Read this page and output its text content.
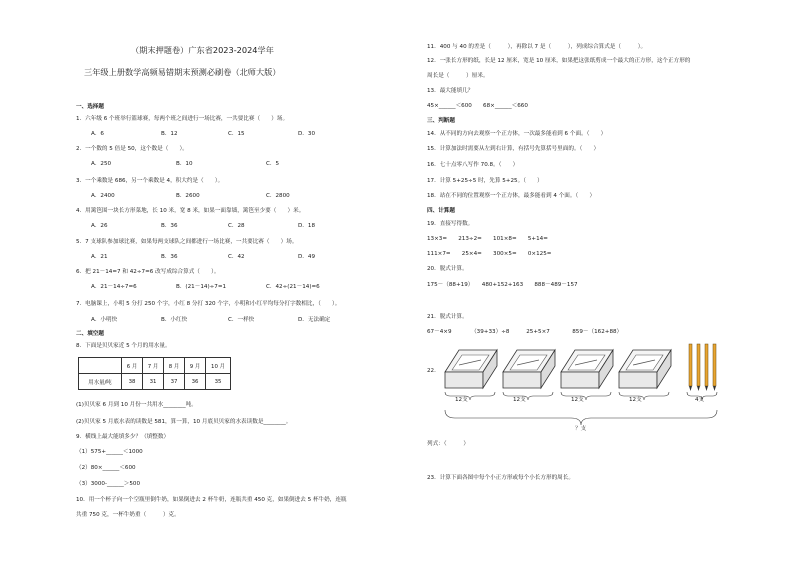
（期末押题卷）广东省2023-2024学年
三年级上册数学高频易错期末预测必刷卷（北师大版）
一、选择题
1．六年级 6 个班举行篮球赛，每两个班之间进行一场比赛，一共要比赛（　　）场。
A．6	B．12	C．15	D．30
2．一个数的 5 倍是 50，这个数是（　　）。
A．250	B．10	C．5
3．一个乘数是 686，另一个乘数是 4，积大约是（　　）。
A．2400	B．2600	C．2800
4．用篱笆围一块长方形菜地，长 10 米，宽 8 米，如果一面靠墙，篱笆至少要（　　）米。
A．26	B．36	C．28	D．18
5．7 支球队参加球比赛，如果每两支球队之间都进行一场比赛，一共要比赛（　　）场。
A．21	B．36	C．42	D．49
6．把 21－14=7 和 42÷7=6 改写成综合算式（　　）。
A．21－14÷7=6	B．(21－14)÷7=1	C．42÷(21－14)=6
7．电脑课上，小明 5 分打 250 个字，小红 8 分打 320 个字，小明和小红平均每分打字数相比，（　　）。
A．小明快	B．小红快	C．一样快	D．无法确定
二、填空题
8．下面是贝贝家近 5 个月的用水量。
	6 月	7 月	8 月	9 月	10 月
用水量/吨	38	31	37	36	35
(1)贝贝家 6 月到 10 月份一共用水________吨。
(2)贝贝家 5 月底水表的读数是 581，算一算，10 月底贝贝家的水表读数是________。
9．横线上最大能填多少？（填整数）
（1）575+______＜1000
（2）80×______＜600
（3）3000-______＞500
10．用一个杯子向一个空瓶里倒牛奶，如果倒进去 2 杯牛奶，连瓶共重 450 克，如果倒进去 5 杯牛奶，连瓶
共重 750 克，一杯牛奶重（　　　）克。
11．400 与 40 的差是（　　　），再除以 7 是（　　　），列成综合算式是（　　　）。
12．一张长方形的纸，长是 12 厘米，宽是 10 厘米，如果把这张纸剪成一个最大的正方形，这个正方形的
周长是（　　　）厘米。
13．最大能填几？
45×______＜600　　68×______＜660
三、判断题
14．从不同的方向去观察一个正方体，一次最多能看到 6 个面。（　　）
15．计算加法时需要从左到右计算，有括号先算括号里面的。（　　）
16．七十点零八写作 70.8。（　　）
17．计算 5+25÷5 时，先算 5+25。（　　）
18．站在不同的位置观察一个正方体，最多能看到 4 个面。（　　）
四、计算题
19．直接写得数。
13×3=　　213÷2=　　101×8=　　5+14=
111×7=　　25×4=　　300×5=　　0×125=
20．脱式计算。
175－（88+19）　　480+152+163　　888－489－157
21．脱式计算。
67－4×9　　　　（39+33）÷8　　　25+5×7　　　　859－（162+88）
22．
12支	12支	12支	12支	4支
？支
列式：（　　　）
23．计算下面各图中每个小正方形或每个小长方形的周长。
